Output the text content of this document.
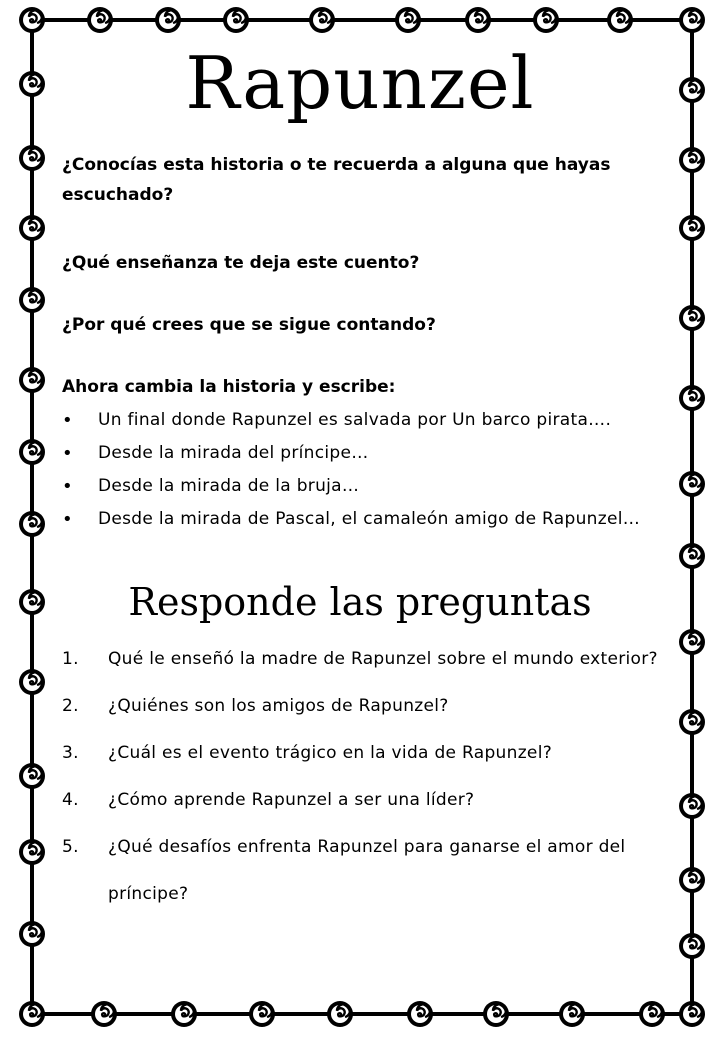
Rapunzel
¿Conocías esta historia o te recuerda a alguna que hayas escuchado?
¿Qué enseñanza te deja este cuento?
¿Por qué crees que se sigue contando?
Ahora cambia la historia y escribe:
• Un final donde Rapunzel es salvada por Un barco pirata….
• Desde la mirada del príncipe…
• Desde la mirada de la bruja…
• Desde la mirada de Pascal, el camaleón amigo de Rapunzel…
Responde las preguntas
1. Qué le enseñó la madre de Rapunzel sobre el mundo exterior?
2. ¿Quiénes son los amigos de Rapunzel?
3. ¿Cuál es el evento trágico en la vida de Rapunzel?
4. ¿Cómo aprende Rapunzel a ser una líder?
5. ¿Qué desafíos enfrenta Rapunzel para ganarse el amor del príncipe?
